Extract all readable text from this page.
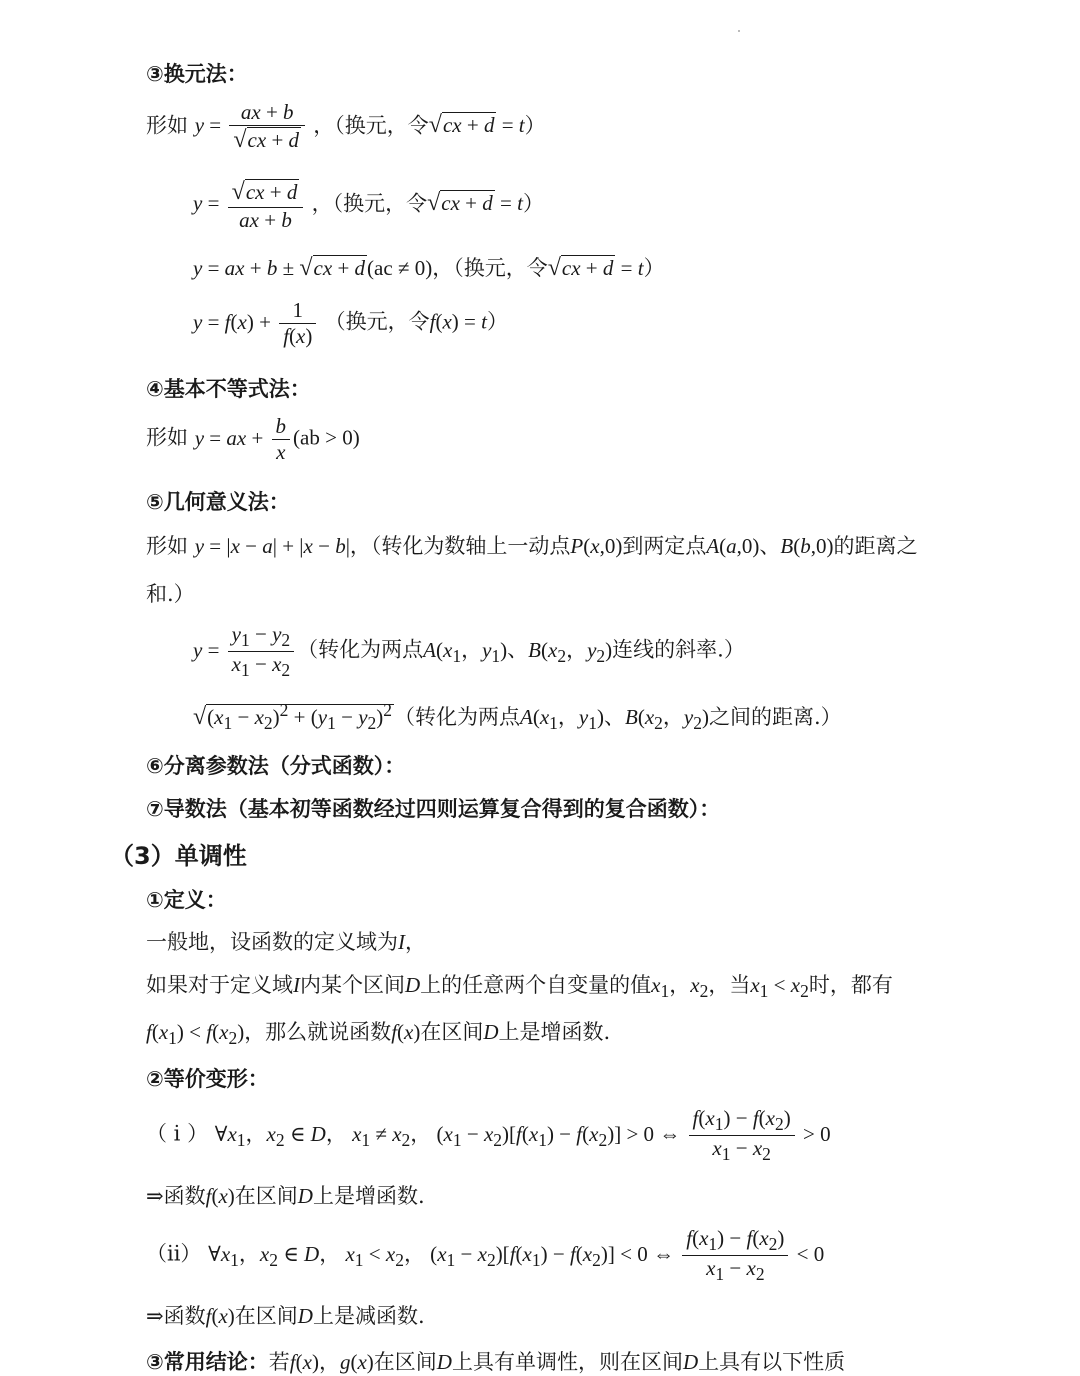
③换元法：
形如 $y = \frac{ax + b}{√cx + d}$ ，（换元，令√cx + d = t）
$y = \frac{√cx + d}{ax + b}$ ，（换元，令√cx + d = t）
y = ax + b ± √cx + d(ac ≠ 0)，（换元，令√cx + d = t）
$y = f(x) + \frac{1}{f(x)}$ （换元，令f(x) = t）
④基本不等式法：
形如 y = ax + $\frac{b}{x} (ab > 0)$
⑤几何意义法：
形如 y = |x − a| + |x − b|，（转化为数轴上一动点P(x,0)到两定点A(a,0)、B(b,0)的距离之
和.）
$y = \frac{y_1 - y_2}{x_1 - x_2}$ （转化为两点$A(x_1$，$y_1$)、$B(x_2$，$y_2$)连线的斜率.）
$√(x_1 - x_2)^2 + (y_1 - y_2)^2$（转化为两点$A(x_1$，$y_1$)、$B(x_2$，$y_2$)之间的距离.）
⑥分离参数法（分式函数）：
⑦导数法（基本初等函数经过四则运算复合得到的复合函数）：
（3）单调性
①定义：
一般地，设函数的定义域为I，
如果对于定义域I内某个区间D上的任意两个自变量的值$x_1$，$x_2$，当$x_1 < x_2$时，都有
$f(x_1) < f(x_2)$，那么就说函数f(x)在区间D上是增函数.
②等价变形：
（ i ） $\forall x_1$，$x_2$ ∈ D， $x_1 \ne x_2$， $(x_1 - x_2)[f(x_1) - f(x_2)] > 0$ ⇔ $\frac{f(x_1) - f(x_2)}{x_1 - x_2} > 0$
⇒函数f(x)在区间D上是增函数.
（ii） $\forall x_1$，$x_2$ ∈ D， $x_1 < x_2$， $(x_1 - x_2)[f(x_1) - f(x_2)] < 0$ ⇔ $\frac{f(x_1) - f(x_2)}{x_1 - x_2} < 0$
⇒函数f(x)在区间D上是减函数.
③常用结论：若f(x)，g(x)在区间D上具有单调性，则在区间D上具有以下性质
